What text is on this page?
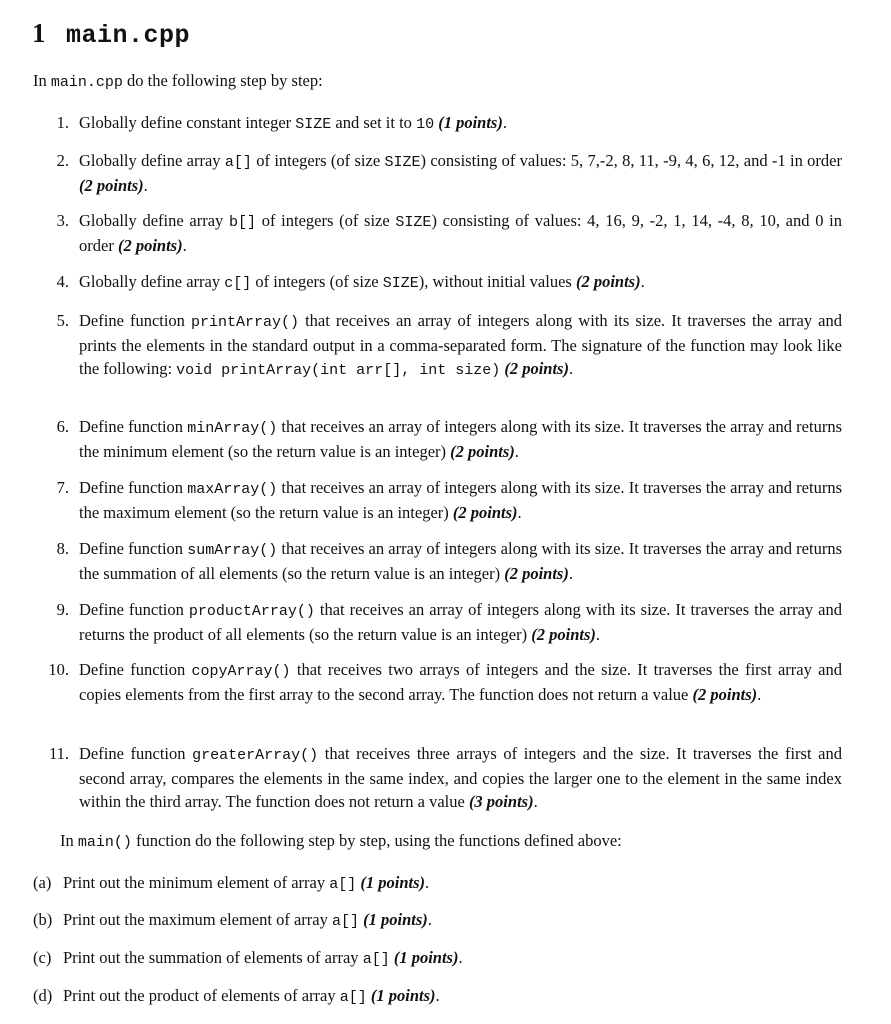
1 main.cpp

In main.cpp do the following step by step:

1. Globally define constant integer SIZE and set it to 10 (1 points).
2. Globally define array a[] of integers (of size SIZE) consisting of values: 5, 7,-2, 8, 11, -9, 4, 6, 12, and -1 in order (2 points).
3. Globally define array b[] of integers (of size SIZE) consisting of values: 4, 16, 9, -2, 1, 14, -4, 8, 10, and 0 in order (2 points).
4. Globally define array c[] of integers (of size SIZE), without initial values (2 points).
5. Define function printArray() that receives an array of integers along with its size. It traverses the array and prints the elements in the standard output in a comma-separated form. The signature of the function may look like the following: void printArray(int arr[], int size) (2 points).
6. Define function minArray() that receives an array of integers along with its size. It traverses the array and returns the minimum element (so the return value is an integer) (2 points).
7. Define function maxArray() that receives an array of integers along with its size. It traverses the array and returns the maximum element (so the return value is an integer) (2 points).
8. Define function sumArray() that receives an array of integers along with its size. It traverses the array and returns the summation of all elements (so the return value is an integer) (2 points).
9. Define function productArray() that receives an array of integers along with its size. It traverses the array and returns the product of all elements (so the return value is an integer) (2 points).
10. Define function copyArray() that receives two arrays of integers and the size. It traverses the first array and copies elements from the first array to the second array. The function does not return a value (2 points).
11. Define function greaterArray() that receives three arrays of integers and the size. It traverses the first and second array, compares the elements in the same index, and copies the larger one to the element in the same index within the third array. The function does not return a value (3 points).

In main() function do the following step by step, using the functions defined above:

(a) Print out the minimum element of array a[] (1 points).
(b) Print out the maximum element of array a[] (1 points).
(c) Print out the summation of elements of array a[] (1 points).
(d) Print out the product of elements of array a[] (1 points).
